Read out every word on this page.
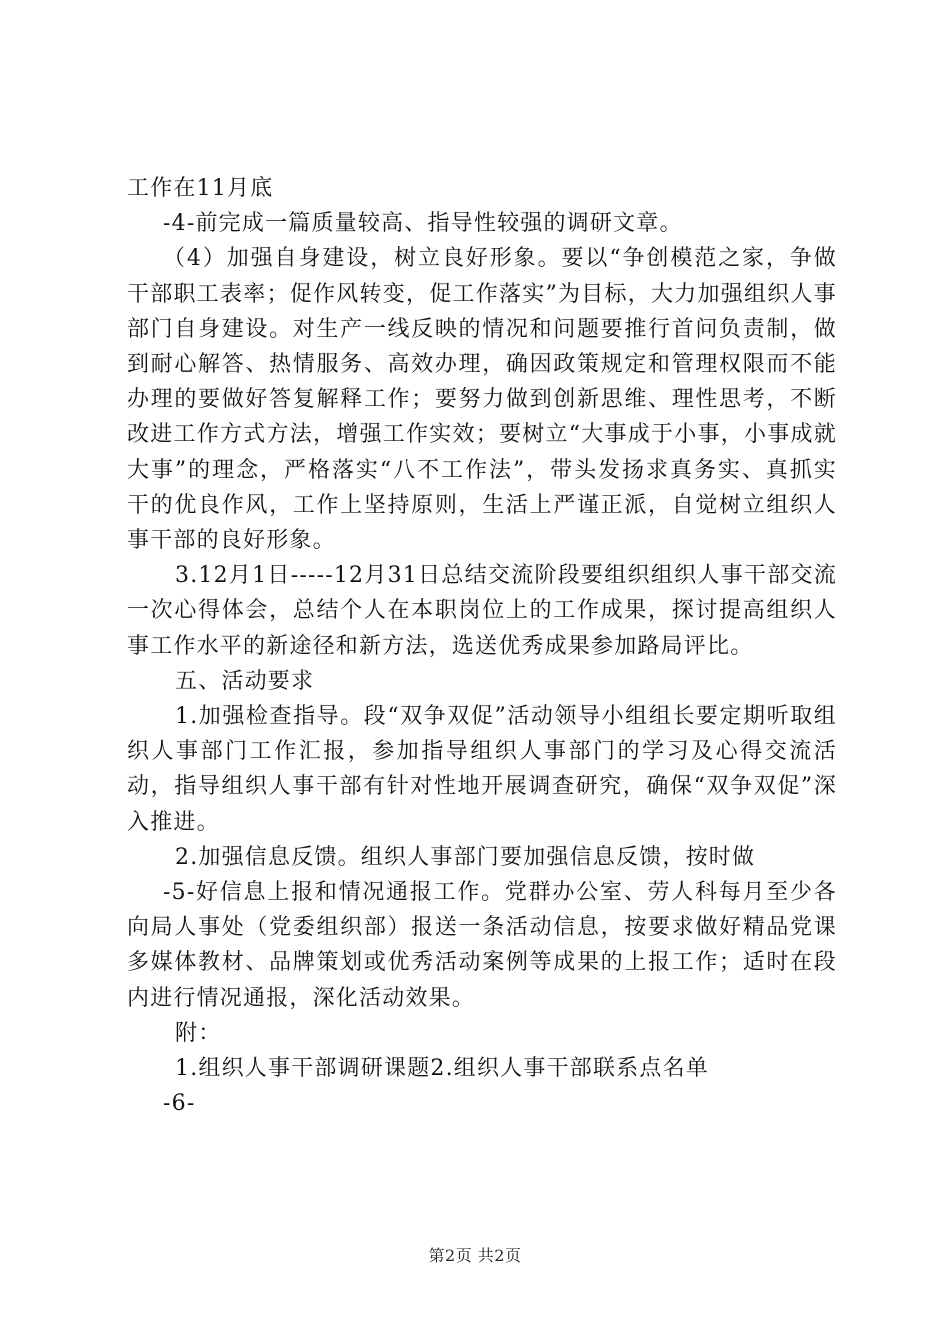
工作在11月底

-4-前完成一篇质量较高、指导性较强的调研文章。

（4）加强自身建设，树立良好形象。要以“争创模范之家，争做干部职工表率；促作风转变，促工作落实”为目标，大力加强组织人事部门自身建设。对生产一线反映的情况和问题要推行首问负责制，做到耐心解答、热情服务、高效办理，确因政策规定和管理权限而不能办理的要做好答复解释工作；要努力做到创新思维、理性思考，不断改进工作方式方法，增强工作实效；要树立“大事成于小事，小事成就大事”的理念，严格落实“八不工作法”，带头发扬求真务实、真抓实干的优良作风，工作上坚持原则，生活上严谨正派，自觉树立组织人事干部的良好形象。

3.12月1日-----12月31日总结交流阶段要组织组织人事干部交流一次心得体会，总结个人在本职岗位上的工作成果，探讨提高组织人事工作水平的新途径和新方法，选送优秀成果参加路局评比。

五、活动要求

1.加强检查指导。段“双争双促”活动领导小组组长要定期听取组织人事部门工作汇报，参加指导组织人事部门的学习及心得交流活动，指导组织人事干部有针对性地开展调查研究，确保“双争双促”深入推进。

2.加强信息反馈。组织人事部门要加强信息反馈，按时做

-5-好信息上报和情况通报工作。党群办公室、劳人科每月至少各向局人事处（党委组织部）报送一条活动信息，按要求做好精品党课多媒体教材、品牌策划或优秀活动案例等成果的上报工作；适时在段内进行情况通报，深化活动效果。

附：

1.组织人事干部调研课题2.组织人事干部联系点名单

-6-

第2页 共2页
